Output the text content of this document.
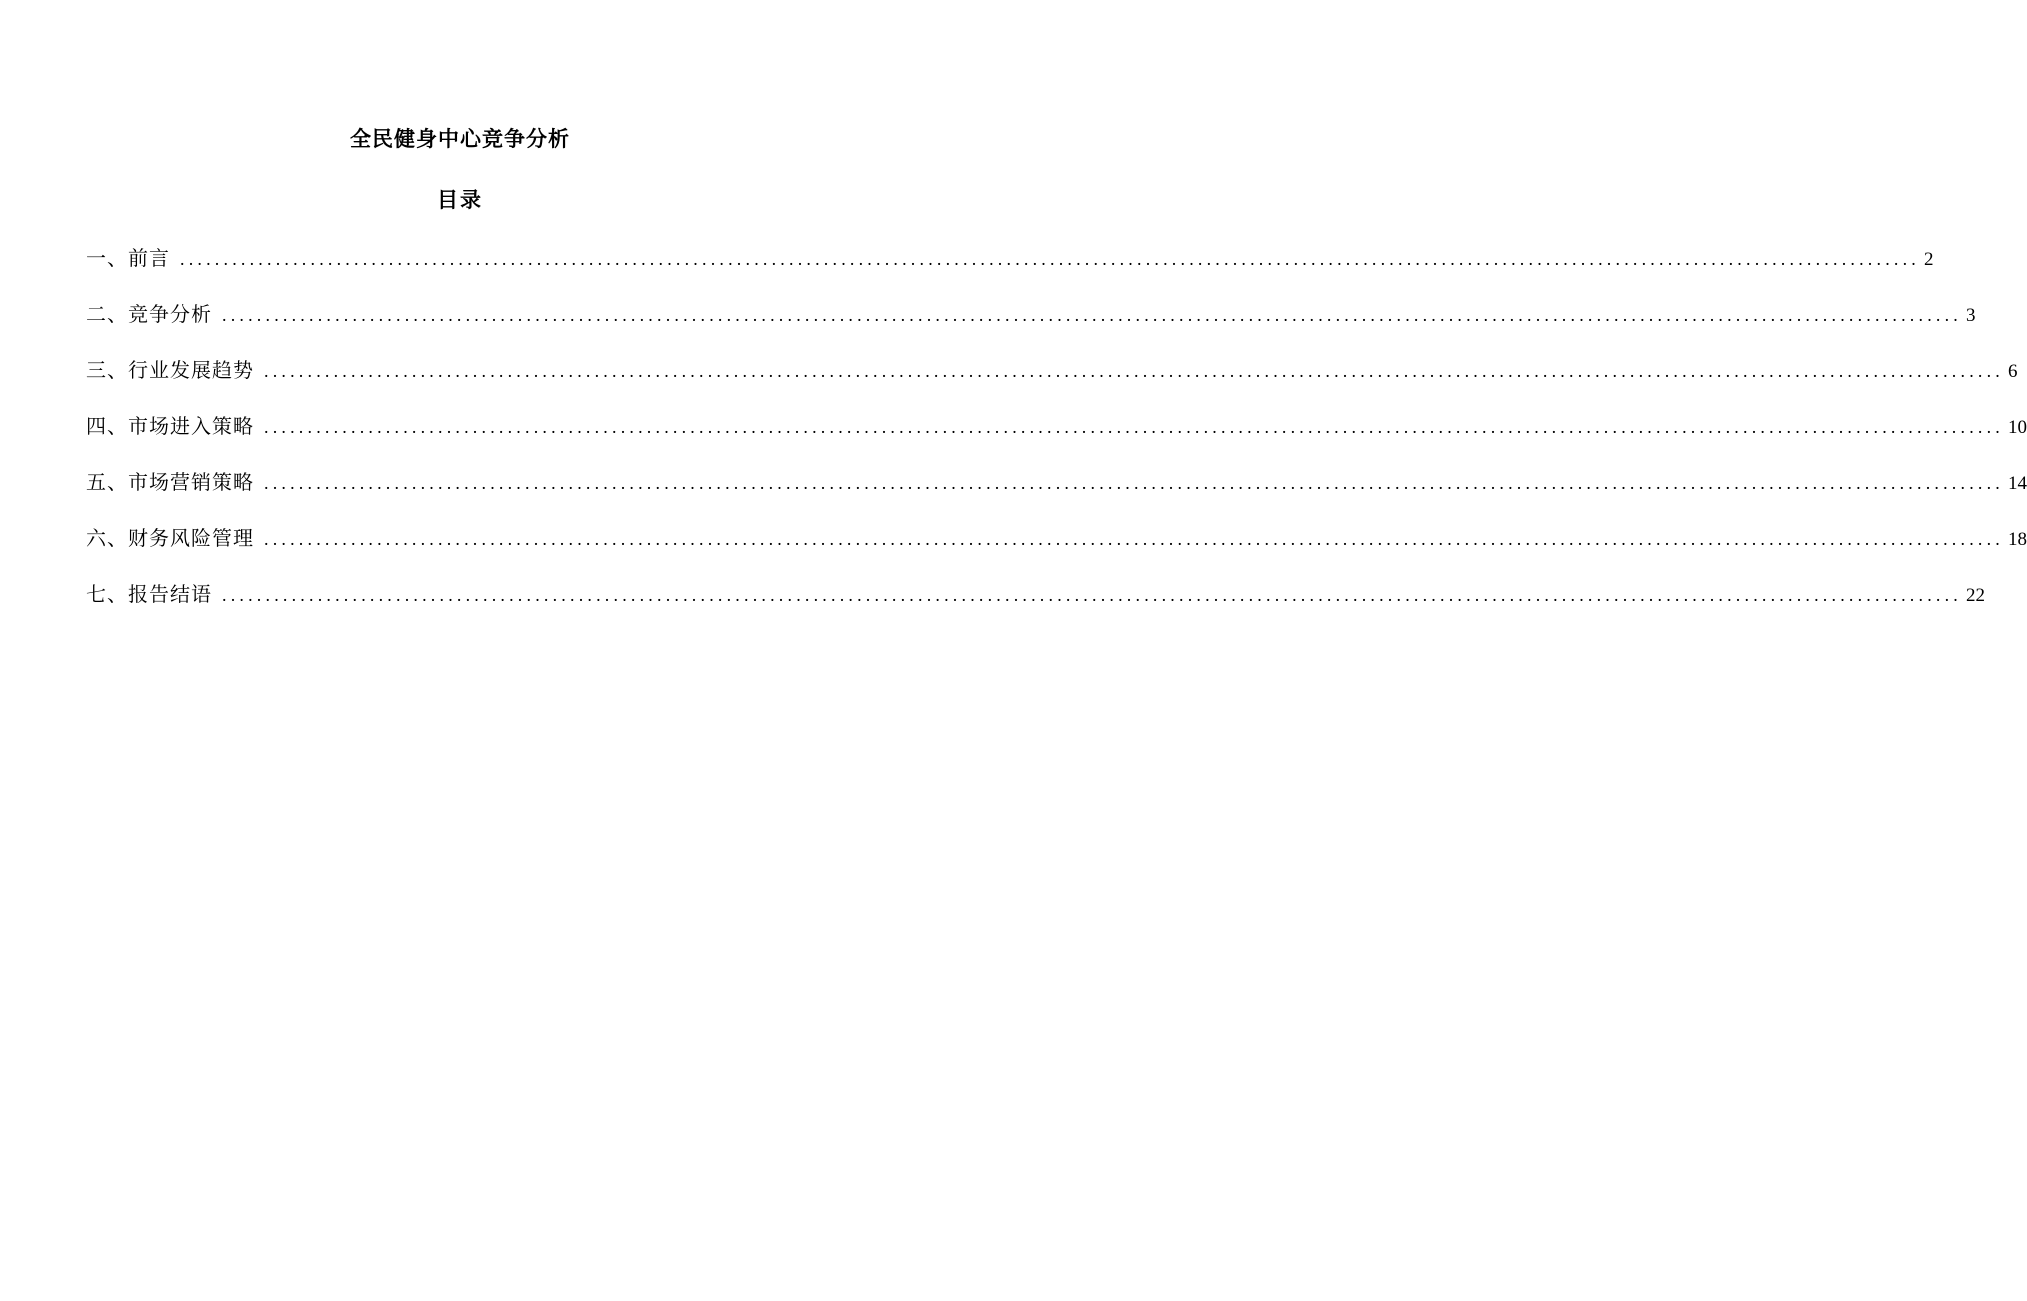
全民健身中心竞争分析
目录
一、前言 ........................................................................................................................................................................................................ 2
二、竞争分析 ........................................................................................................................................................................................................ 3
三、行业发展趋势 ........................................................................................................................................................................................................ 6
四、市场进入策略 ........................................................................................................................................................................................................ 10
五、市场营销策略 ........................................................................................................................................................................................................ 14
六、财务风险管理 ........................................................................................................................................................................................................ 18
七、报告结语 ........................................................................................................................................................................................................ 22
